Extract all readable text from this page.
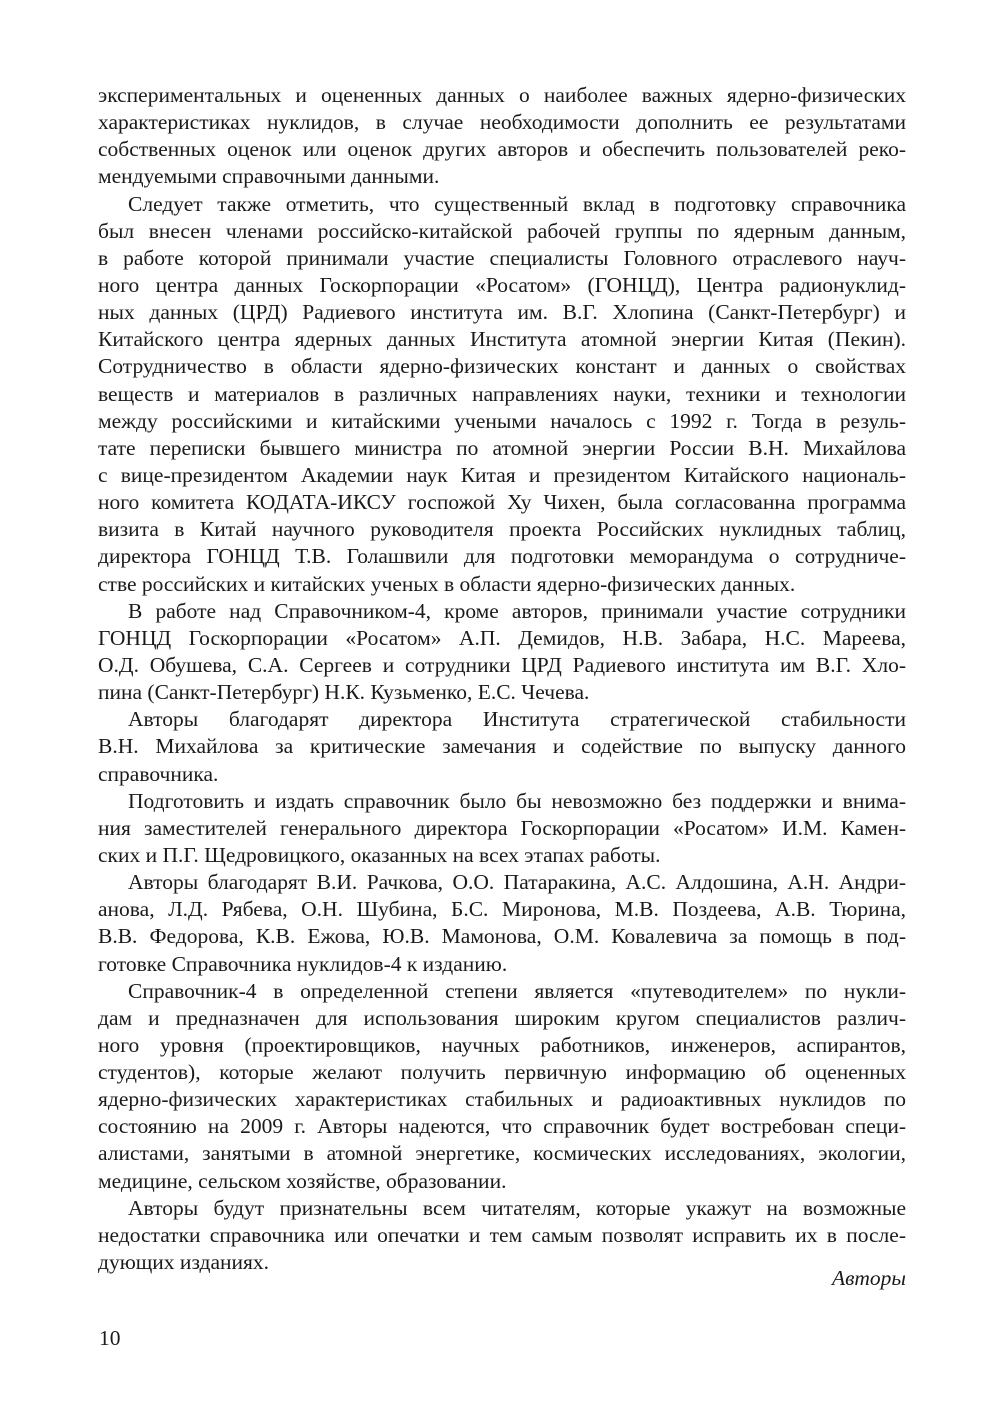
экспериментальных и оцененных данных о наиболее важных ядерно-физических
характеристиках нуклидов, в случае необходимости дополнить ее результатами
собственных оценок или оценок других авторов и обеспечить пользователей реко-
мендуемыми справочными данными.
Следует также отметить, что существенный вклад в подготовку справочника
был внесен членами российско-китайской рабочей группы по ядерным данным,
в работе которой принимали участие специалисты Головного отраслевого науч-
ного центра данных Госкорпорации «Росатом» (ГОНЦД), Центра радионуклид-
ных данных (ЦРД) Радиевого института им. В.Г. Хлопина (Санкт-Петербург) и
Китайского центра ядерных данных Института атомной энергии Китая (Пекин).
Сотрудничество в области ядерно-физических констант и данных о свойствах
веществ и материалов в различных направлениях науки, техники и технологии
между российскими и китайскими учеными началось с 1992 г. Тогда в резуль-
тате переписки бывшего министра по атомной энергии России В.Н. Михайлова
с вице-президентом Академии наук Китая и президентом Китайского националь-
ного комитета КОДАТА-ИКСУ госпожой Ху Чихен, была согласованна программа
визита в Китай научного руководителя проекта Российских нуклидных таблиц,
директора ГОНЦД Т.В. Голашвили для подготовки меморандума о сотрудниче-
стве российских и китайских ученых в области ядерно-физических данных.
В работе над Справочником-4, кроме авторов, принимали участие сотрудники
ГОНЦД Госкорпорации «Росатом» А.П. Демидов, Н.В. Забара, Н.С. Мареева,
О.Д. Обушева, С.А. Сергеев и сотрудники ЦРД Радиевого института им В.Г. Хло-
пина (Санкт-Петербург) Н.К. Кузьменко, Е.С. Чечева.
Авторы благодарят директора Института стратегической стабильности
В.Н. Михайлова за критические замечания и содействие по выпуску данного
справочника.
Подготовить и издать справочник было бы невозможно без поддержки и внима-
ния заместителей генерального директора Госкорпорации «Росатом» И.М. Камен-
ских и П.Г. Щедровицкого, оказанных на всех этапах работы.
Авторы благодарят В.И. Рачкова, О.О. Патаракина, А.С. Алдошина, А.Н. Андри-
анова, Л.Д. Рябева, О.Н. Шубина, Б.С. Миронова, М.В. Поздеева, А.В. Тюрина,
В.В. Федорова, К.В. Ежова, Ю.В. Мамонова, О.М. Ковалевича за помощь в под-
готовке Справочника нуклидов-4 к изданию.
Справочник-4 в определенной степени является «путеводителем» по нукли-
дам и предназначен для использования широким кругом специалистов различ-
ного уровня (проектировщиков, научных работников, инженеров, аспирантов,
студентов), которые желают получить первичную информацию об оцененных
ядерно-физических характеристиках стабильных и радиоактивных нуклидов по
состоянию на 2009 г. Авторы надеются, что справочник будет востребован специ-
алистами, занятыми в атомной энергетике, космических исследованиях, экологии,
медицине, сельском хозяйстве, образовании.
Авторы будут признательны всем читателям, которые укажут на возможные
недостатки справочника или опечатки и тем самым позволят исправить их в после-
дующих изданиях.
Авторы
10
